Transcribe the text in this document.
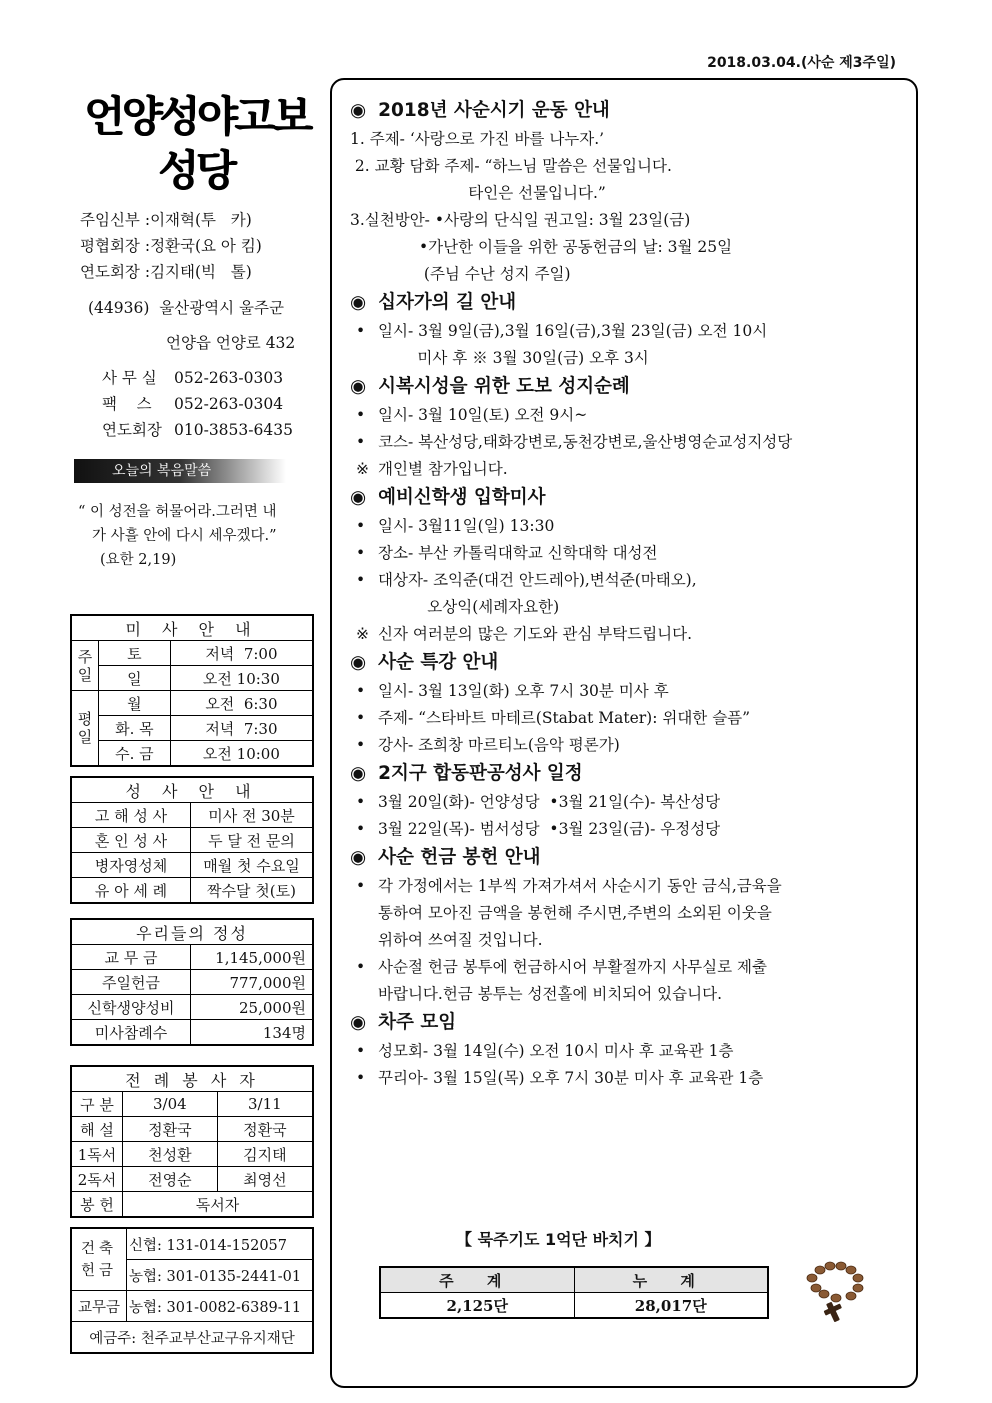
2018.03.04.(사순 제3주일)
언양성야고보
성당
주임신부 :이재혁(투   카)
평협회장 :정환국(요 아 킴)
연도회장 :김지태(빅   톨)
(44936)  울산광역시 울주군
언양읍 언양로 432
사 무 실 052-263-0303
팩    스 052-263-0304
연도회장 010-3853-6435
오늘의 복음말씀
“ 이 성전을 허물어라.그러면 내
가 사흘 안에 다시 세우겠다.”
(요한 2,19)
미 사 안 내		
주일	토	저녁  7:00
	일	오전 10:30
평일	월	오전  6:30
	화. 목	저녁  7:30
	수. 금	오전 10:00
성 사 안 내	
고 해 성 사	미사 전 30분
혼 인 성 사	두 달 전 문의
병자영성체	매월 첫 수요일
유 아 세 례	짝수달 첫(토)
우리들의 정성	
교 무 금	1,145,000원
주일헌금	777,000원
신학생양성비	25,000원
미사참례수	134명
전 례 봉 사 자		
구 분	3/04	3/11
해 설	정환국	정환국
1독서	천성환	김지태
2독서	전영순	최영선
봉 헌	독서자	
건축헌금	신협: 131-014-152057
	농협: 301-0135-2441-01
교무금	농협: 301-0082-6389-11
예금주: 천주교부산교구유지재단	
◉ 2018년 사순시기 운동 안내
1. 주제- ‘사랑으로 가진 바를 나누자.’
2. 교황 담화 주제- “하느님 말씀은 선물입니다.
타인은 선물입니다.”
3.실천방안- •사랑의 단식일 권고일: 3월 23일(금)
•가난한 이들을 위한 공동헌금의 날: 3월 25일
(주님 수난 성지 주일)
◉ 십자가의 길 안내
• 일시- 3월 9일(금),3월 16일(금),3월 23일(금) 오전 10시
미사 후 ※ 3월 30일(금) 오후 3시
◉ 시복시성을 위한 도보 성지순례
• 일시- 3월 10일(토) 오전 9시~
• 코스- 복산성당,태화강변로,동천강변로,울산병영순교성지성당
※ 개인별 참가입니다.
◉ 예비신학생 입학미사
• 일시- 3월11일(일) 13:30
• 장소- 부산 카톨릭대학교 신학대학 대성전
• 대상자- 조익준(대건 안드레아),변석준(마태오),
오상익(세례자요한)
※ 신자 여러분의 많은 기도와 관심 부탁드립니다.
◉ 사순 특강 안내
• 일시- 3월 13일(화) 오후 7시 30분 미사 후
• 주제- “스타바트 마테르(Stabat Mater): 위대한 슬픔”
• 강사- 조희창 마르티노(음악 평론가)
◉ 2지구 합동판공성사 일정
• 3월 20일(화)- 언양성당  •3월 21일(수)- 복산성당
• 3월 22일(목)- 범서성당  •3월 23일(금)- 우정성당
◉ 사순 헌금 봉헌 안내
• 각 가정에서는 1부씩 가져가셔서 사순시기 동안 금식,금육을
통하여 모아진 금액을 봉헌해 주시면,주변의 소외된 이웃을
위하여 쓰여질 것입니다.
• 사순절 헌금 봉투에 헌금하시어 부활절까지 사무실로 제출
바랍니다.헌금 봉투는 성전홀에 비치되어 있습니다.
◉ 차주 모임
• 성모회- 3월 14일(수) 오전 10시 미사 후 교육관 1층
• 꾸리아- 3월 15일(목) 오후 7시 30분 미사 후 교육관 1층
【 묵주기도 1억단 바치기 】
주 계	누 계
2,125단	28,017단
